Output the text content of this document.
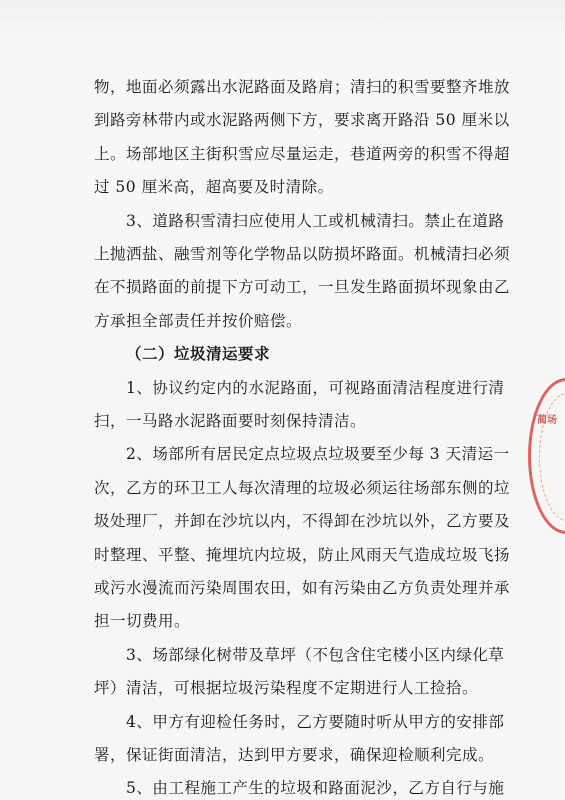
物，地面必须露出水泥路面及路肩；清扫的积雪要整齐堆放
到路旁林带内或水泥路两侧下方，要求离开路沿 50 厘米以
上。场部地区主街积雪应尽量运走，巷道两旁的积雪不得超
过 50 厘米高，超高要及时清除。
3、道路积雪清扫应使用人工或机械清扫。禁止在道路
上抛洒盐、融雪剂等化学物品以防损坏路面。机械清扫必须
在不损路面的前提下方可动工，一旦发生路面损坏现象由乙
方承担全部责任并按价赔偿。
（二）垃圾清运要求
1、协议约定内的水泥路面，可视路面清洁程度进行清
扫，一马路水泥路面要时刻保持清洁。
2、场部所有居民定点垃圾点垃圾要至少每 3 天清运一
次，乙方的环卫工人每次清理的垃圾必须运往场部东侧的垃
圾处理厂，并卸在沙坑以内，不得卸在沙坑以外，乙方要及
时整理、平整、掩埋坑内垃圾，防止风雨天气造成垃圾飞扬
或污水漫流而污染周围农田，如有污染由乙方负责处理并承
担一切费用。
3、场部绿化树带及草坪（不包含住宅楼小区内绿化草
坪）清洁，可根据垃圾污染程度不定期进行人工捡拾。
4、甲方有迎检任务时，乙方要随时听从甲方的安排部
署，保证街面清洁，达到甲方要求，确保迎检顺利完成。
5、由工程施工产生的垃圾和路面泥沙，乙方自行与施
蔺场
